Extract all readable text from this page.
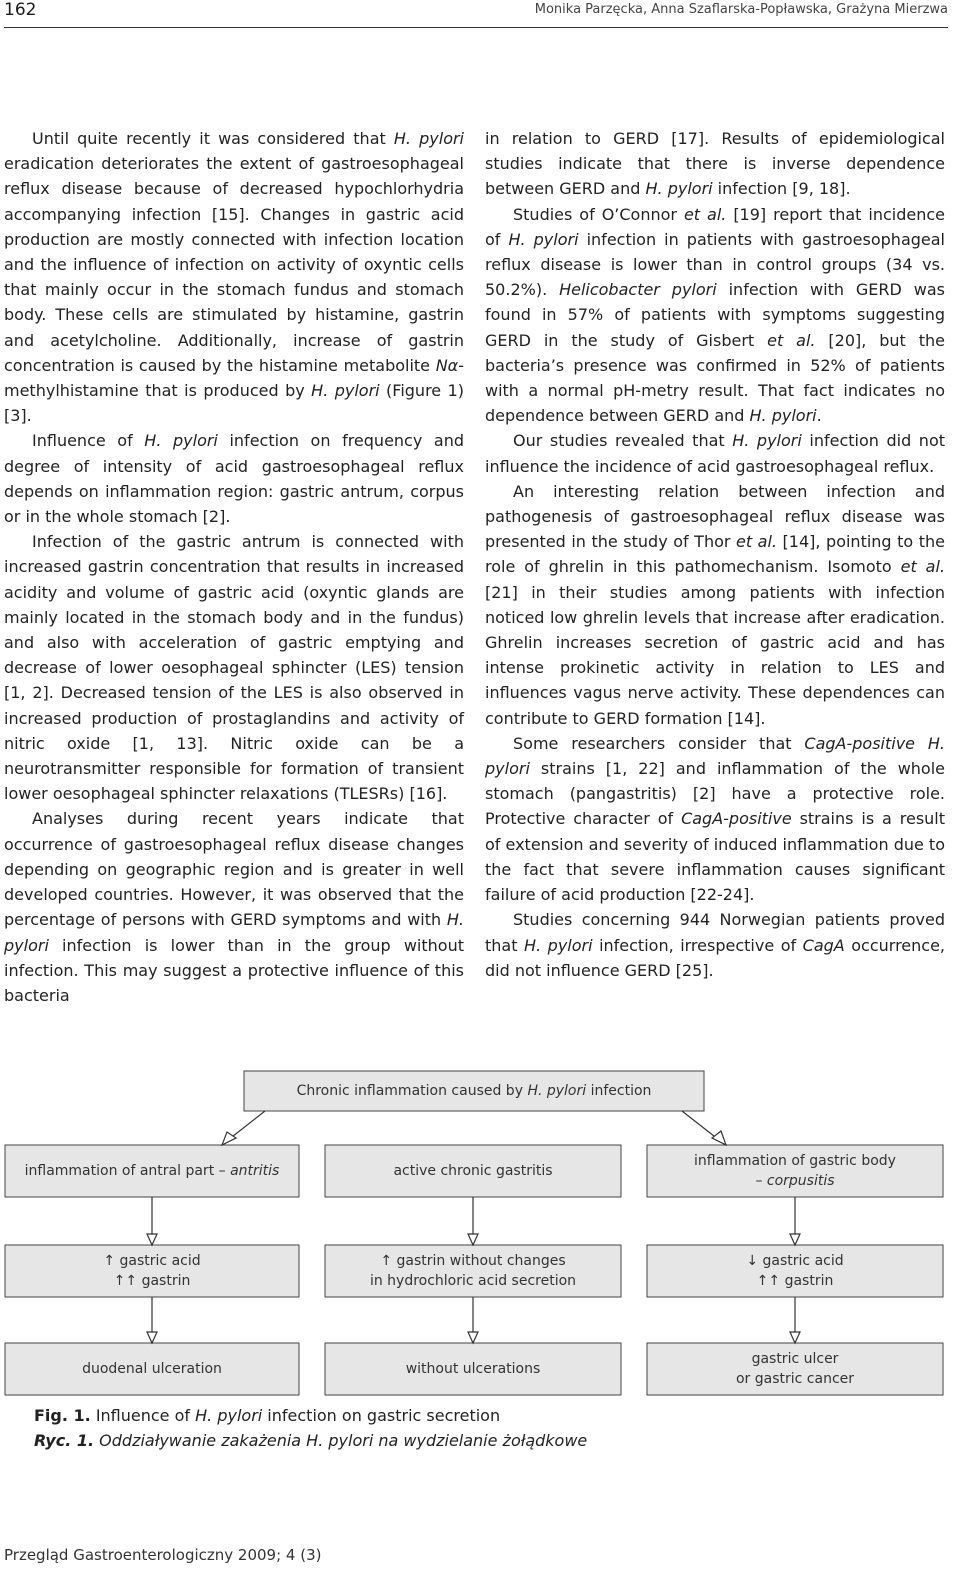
162	Monika Parzęcka, Anna Szaflarska-Popławska, Grażyna Mierzwa

Until quite recently it was considered that H. pylori eradication deteriorates the extent of gastroesophageal reflux disease because of decreased hypochlorhydria accompanying infection [15]. Changes in gastric acid production are mostly connected with infection location and the influence of infection on activity of oxyntic cells that mainly occur in the stomach fundus and stomach body. These cells are stimulated by histamine, gastrin and acetylcholine. Additionally, increase of gastrin concentration is caused by the histamine metabolite Nα-methylhistamine that is produced by H. pylori (Figure 1) [3].

Influence of H. pylori infection on frequency and degree of intensity of acid gastroesophageal reflux depends on inflammation region: gastric antrum, corpus or in the whole stomach [2].

Infection of the gastric antrum is connected with increased gastrin concentration that results in increased acidity and volume of gastric acid (oxyntic glands are mainly located in the stomach body and in the fundus) and also with acceleration of gastric emptying and decrease of lower oesophageal sphincter (LES) tension [1, 2]. Decreased tension of the LES is also observed in increased production of prostaglandins and activity of nitric oxide [1, 13]. Nitric oxide can be a neurotransmitter responsible for formation of transient lower oesophageal sphincter relaxations (TLESRs) [16].

Analyses during recent years indicate that occurrence of gastroesophageal reflux disease changes depending on geographic region and is greater in well developed countries. However, it was observed that the percentage of persons with GERD symptoms and with H. pylori infection is lower than in the group without infection. This may suggest a protective influence of this bacteria

in relation to GERD [17]. Results of epidemiological studies indicate that there is inverse dependence between GERD and H. pylori infection [9, 18].

Studies of O’Connor et al. [19] report that incidence of H. pylori infection in patients with gastroesophageal reflux disease is lower than in control groups (34 vs. 50.2%). Helicobacter pylori infection with GERD was found in 57% of patients with symptoms suggesting GERD in the study of Gisbert et al. [20], but the bacteria’s presence was confirmed in 52% of patients with a normal pH-metry result. That fact indicates no dependence between GERD and H. pylori.

Our studies revealed that H. pylori infection did not influence the incidence of acid gastroesophageal reflux.

An interesting relation between infection and pathogenesis of gastroesophageal reflux disease was presented in the study of Thor et al. [14], pointing to the role of ghrelin in this pathomechanism. Isomoto et al. [21] in their studies among patients with infection noticed low ghrelin levels that increase after eradication. Ghrelin increases secretion of gastric acid and has intense prokinetic activity in relation to LES and influences vagus nerve activity. These dependences can contribute to GERD formation [14].

Some researchers consider that CagA-positive H. pylori strains [1, 22] and inflammation of the whole stomach (pangastritis) [2] have a protective role. Protective character of CagA-positive strains is a result of extension and severity of induced inflammation due to the fact that severe inflammation causes significant failure of acid production [22-24].

Studies concerning 944 Norwegian patients proved that H. pylori infection, irrespective of CagA occurrence, did not influence GERD [25].

Chronic inflammation caused by H. pylori infection
inflammation of antral part – antritis	active chronic gastritis
inflammation of gastric body
– corpusitis
↑ gastric acid
↑↑ gastrin
↑ gastrin without changes
in hydrochloric acid secretion
↓ gastric acid
↑↑ gastrin
duodenal ulceration	without ulcerations
gastric ulcer
or gastric cancer
Fig. 1. Influence of H. pylori infection on gastric secretion
Ryc. 1. Oddziaływanie zakażenia H. pylori na wydzielanie żołądkowe
Przegląd Gastroenterologiczny 2009; 4 (3)
